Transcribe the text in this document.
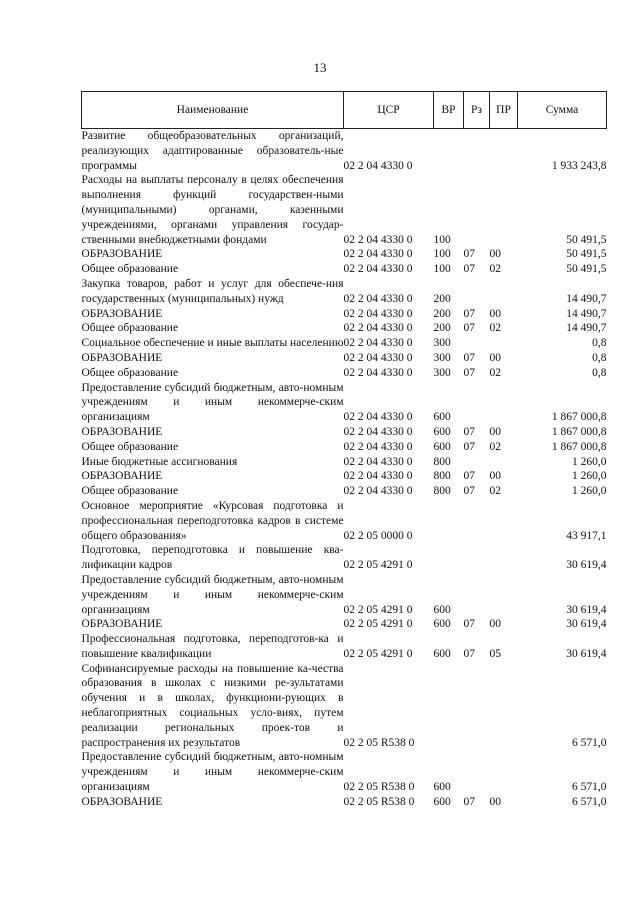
13
Наименование	ЦСР	ВР	Рз	ПР	Сумма
Развитие общеобразовательных организаций, реализующих адаптированные образователь-ные программы	02 2 04 4330 0				1 933 243,8
Расходы на выплаты персоналу в целях обеспечения выполнения функций государствен-ными (муниципальными) органами, казенными учреждениями, органами управления государ-ственными внебюджетными фондами	02 2 04 4330 0	100			50 491,5
ОБРАЗОВАНИЕ	02 2 04 4330 0	100	07	00	50 491,5
Общее образование	02 2 04 4330 0	100	07	02	50 491,5
Закупка товаров, работ и услуг для обеспече-ния государственных (муниципальных) нужд	02 2 04 4330 0	200			14 490,7
ОБРАЗОВАНИЕ	02 2 04 4330 0	200	07	00	14 490,7
Общее образование	02 2 04 4330 0	200	07	02	14 490,7
Социальное обеспечение и иные выплаты населению	02 2 04 4330 0	300			0,8
ОБРАЗОВАНИЕ	02 2 04 4330 0	300	07	00	0,8
Общее образование	02 2 04 4330 0	300	07	02	0,8
Предоставление субсидий бюджетным, авто-номным учреждениям и иным некоммерче-ским организациям	02 2 04 4330 0	600			1 867 000,8
ОБРАЗОВАНИЕ	02 2 04 4330 0	600	07	00	1 867 000,8
Общее образование	02 2 04 4330 0	600	07	02	1 867 000,8
Иные бюджетные ассигнования	02 2 04 4330 0	800			1 260,0
ОБРАЗОВАНИЕ	02 2 04 4330 0	800	07	00	1 260,0
Общее образование	02 2 04 4330 0	800	07	02	1 260,0
Основное мероприятие «Курсовая подготовка и профессиональная переподготовка кадров в системе общего образования»	02 2 05 0000 0				43 917,1
Подготовка, переподготовка и повышение ква-лификации кадров	02 2 05 4291 0				30 619,4
Предоставление субсидий бюджетным, авто-номным учреждениям и иным некоммерче-ским организациям	02 2 05 4291 0	600			30 619,4
ОБРАЗОВАНИЕ	02 2 05 4291 0	600	07	00	30 619,4
Профессиональная подготовка, переподготов-ка и повышение квалификации	02 2 05 4291 0	600	07	05	30 619,4
Софинансируемые расходы на повышение ка-чества образования в школах с низкими ре-зультатами обучения и в школах, функциони-рующих в неблагоприятных социальных усло-виях, путем реализации региональных проек-тов и распространения их результатов	02 2 05 R538 0				6 571,0
Предоставление субсидий бюджетным, авто-номным учреждениям и иным некоммерче-ским организациям	02 2 05 R538 0	600			6 571,0
ОБРАЗОВАНИЕ	02 2 05 R538 0	600	07	00	6 571,0
